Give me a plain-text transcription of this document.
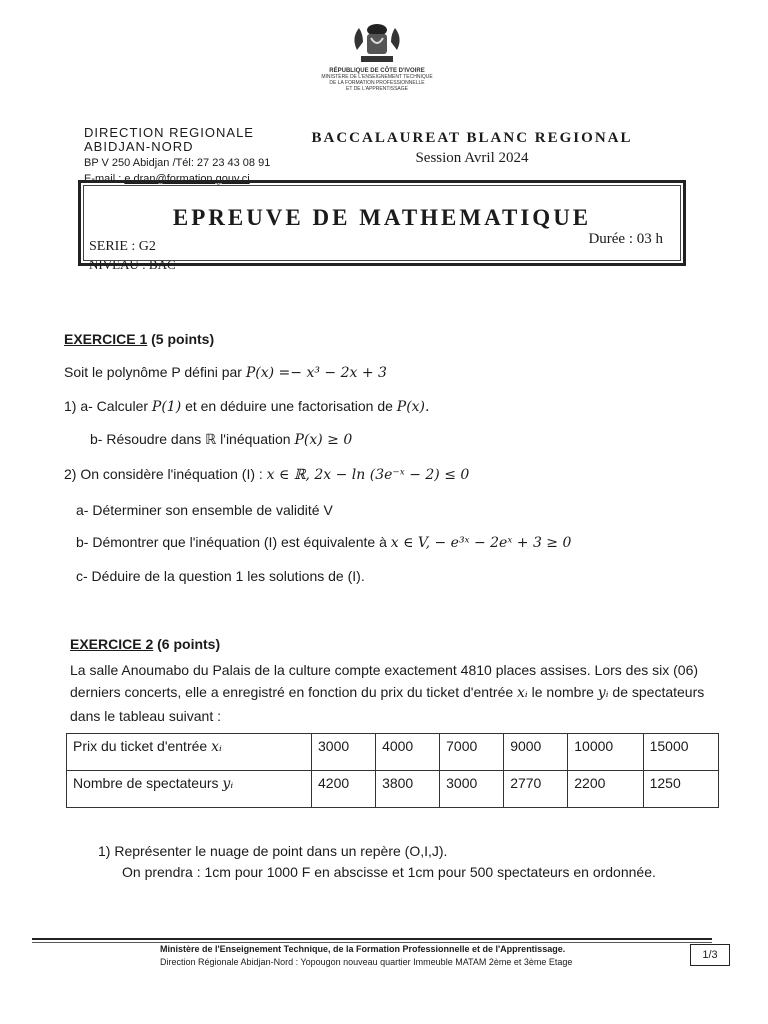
RÉPUBLIQUE DE CÔTE D'IVOIRE
MINISTÈRE DE L'ENSEIGNEMENT TECHNIQUE
DE LA FORMATION PROFESSIONNELLE
ET DE L'APPRENTISSAGE
DIRECTION REGIONALE
ABIDJAN-NORD
BP V 250 Abidjan /Tél: 27 23 43 08 91
E-mail : e.dran@formation.gouv.ci
BACCALAUREAT BLANC REGIONAL
Session Avril 2024
EPREUVE DE MATHEMATIQUE
Durée : 03 h
SERIE : G2
NIVEAU : BAC
EXERCICE 1 (5 points)
Soit le polynôme P défini par P(x) =− x³ − 2x + 3
1) a- Calculer P(1) et en déduire une factorisation de P(x).
b- Résoudre dans ℝ l'inéquation P(x) ≥ 0
2) On considère l'inéquation (I) : x ∈ ℝ, 2x − ln (3e⁻ˣ − 2) ≤ 0
a- Déterminer son ensemble de validité V
b- Démontrer que l'inéquation (I) est équivalente à x ∈ V, − e³ˣ − 2eˣ + 3 ≥ 0
c- Déduire de la question 1 les solutions de (I).
EXERCICE 2 (6 points)
La salle Anoumabo du Palais de la culture compte exactement 4810 places assises. Lors des six (06)
derniers concerts, elle a enregistré en fonction du prix du ticket d'entrée xᵢ le nombre yᵢ de spectateurs
dans le tableau suivant :
Prix du ticket d'entrée xᵢ	3000	4000	7000	9000	10000	15000
Nombre de spectateurs yᵢ	4200	3800	3000	2770	2200	1250
1) Représenter le nuage de point dans un repère (O,I,J).
On prendra : 1cm pour 1000 F en abscisse et 1cm pour 500 spectateurs en ordonnée.
Ministère de l'Enseignement Technique, de la Formation Professionnelle et de l'Apprentissage.
Direction Régionale Abidjan-Nord : Yopougon nouveau quartier Immeuble MATAM 2ème et 3ème Etage
1/3
